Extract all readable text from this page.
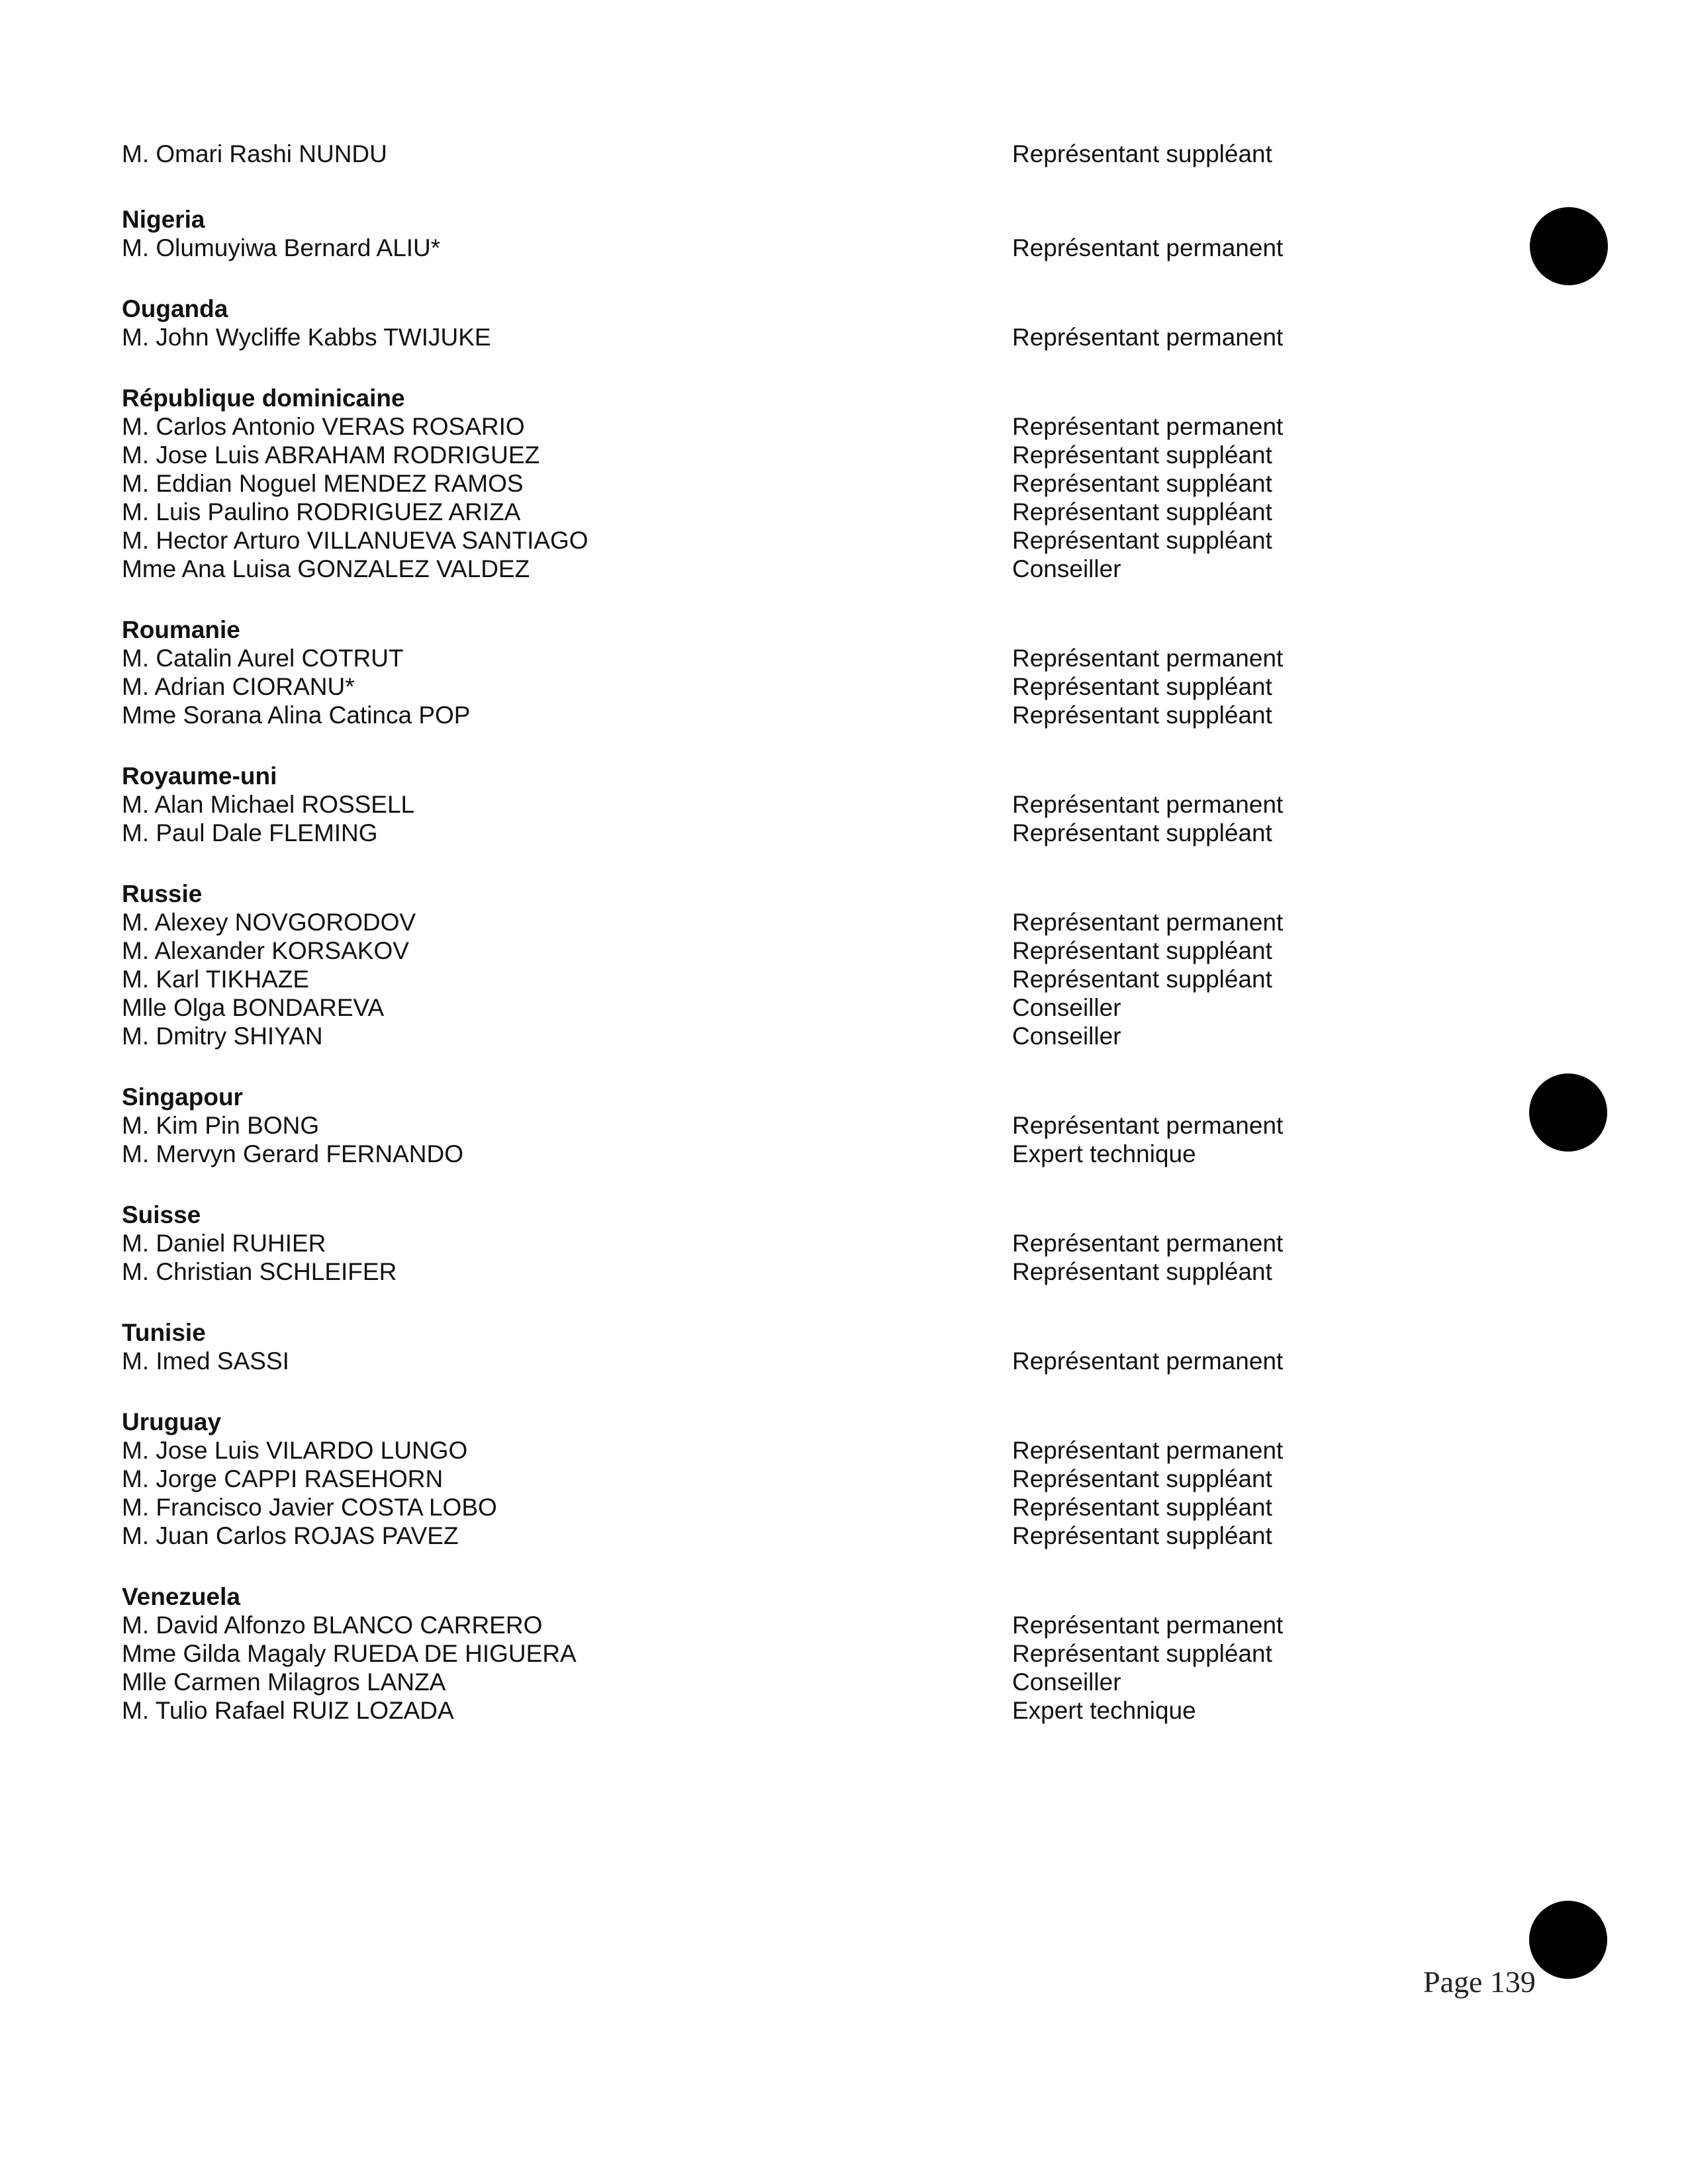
M. Omari Rashi NUNDU	Représentant suppléant
Nigeria
M. Olumuyiwa Bernard ALIU*	Représentant permanent
Ouganda
M. John Wycliffe Kabbs TWIJUKE	Représentant permanent
République dominicaine
M. Carlos Antonio VERAS ROSARIO	Représentant permanent
M. Jose Luis ABRAHAM RODRIGUEZ	Représentant suppléant
M. Eddian Noguel MENDEZ RAMOS	Représentant suppléant
M. Luis Paulino RODRIGUEZ ARIZA	Représentant suppléant
M. Hector Arturo VILLANUEVA SANTIAGO	Représentant suppléant
Mme Ana Luisa GONZALEZ VALDEZ	Conseiller
Roumanie
M. Catalin Aurel COTRUT	Représentant permanent
M. Adrian CIORANU*	Représentant suppléant
Mme Sorana Alina Catinca POP	Représentant suppléant
Royaume-uni
M. Alan Michael ROSSELL	Représentant permanent
M. Paul Dale FLEMING	Représentant suppléant
Russie
M. Alexey NOVGORODOV	Représentant permanent
M. Alexander KORSAKOV	Représentant suppléant
M. Karl TIKHAZE	Représentant suppléant
Mlle Olga BONDAREVA	Conseiller
M. Dmitry SHIYAN	Conseiller
Singapour
M. Kim Pin BONG	Représentant permanent
M. Mervyn Gerard FERNANDO	Expert technique
Suisse
M. Daniel RUHIER	Représentant permanent
M. Christian SCHLEIFER	Représentant suppléant
Tunisie
M. Imed SASSI	Représentant permanent
Uruguay
M. Jose Luis VILARDO LUNGO	Représentant permanent
M. Jorge CAPPI RASEHORN	Représentant suppléant
M. Francisco Javier COSTA LOBO	Représentant suppléant
M. Juan Carlos ROJAS PAVEZ	Représentant suppléant
Venezuela
M. David Alfonzo BLANCO CARRERO	Représentant permanent
Mme Gilda Magaly RUEDA DE HIGUERA	Représentant suppléant
Mlle Carmen Milagros LANZA	Conseiller
M. Tulio Rafael RUIZ LOZADA	Expert technique
Page 139
